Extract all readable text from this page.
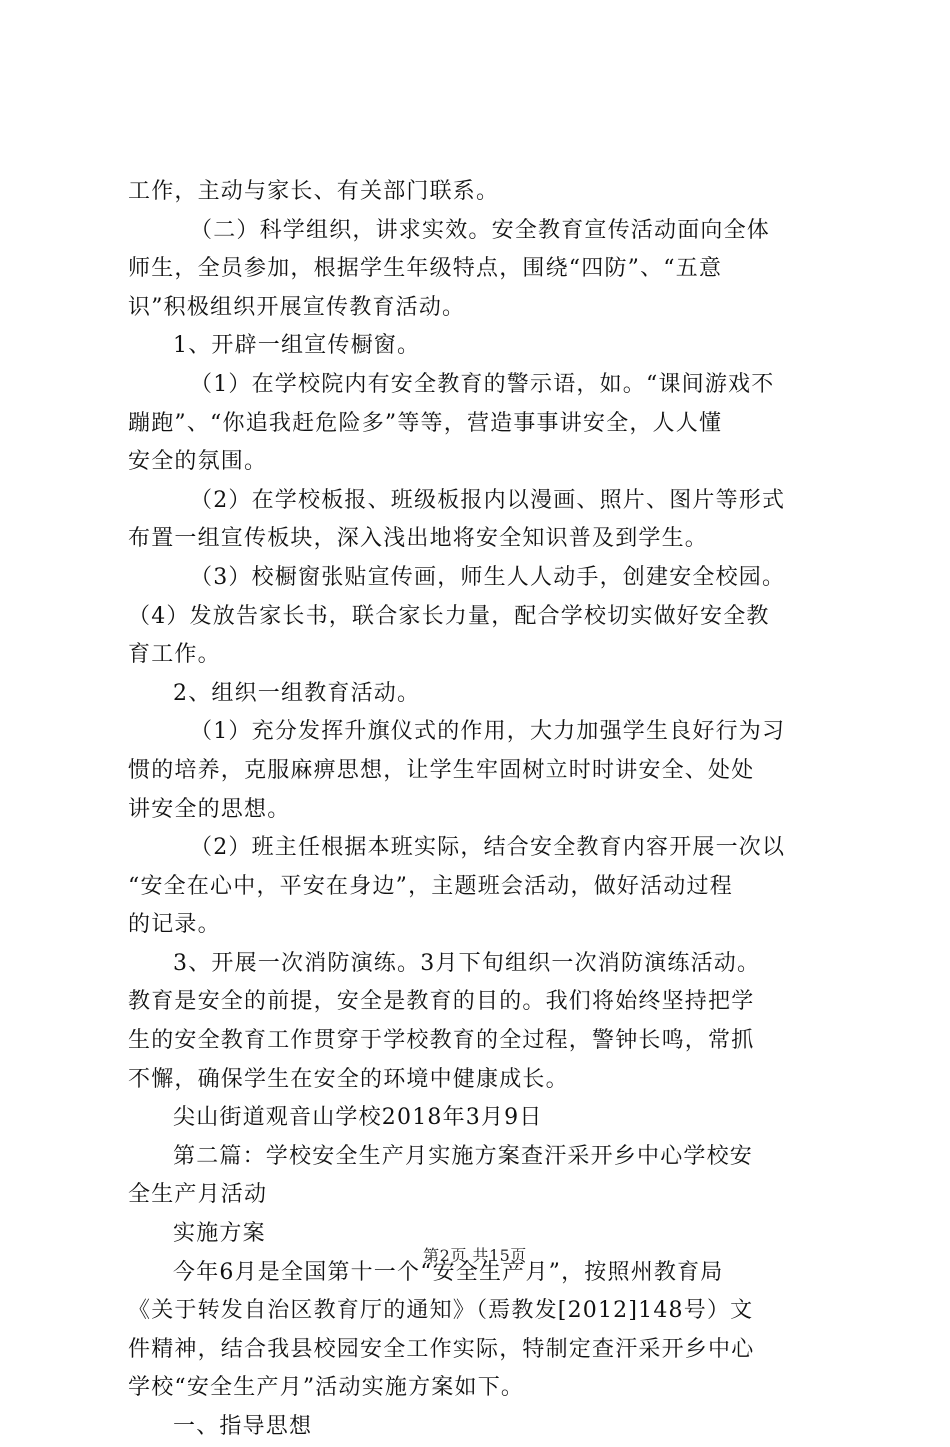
工作，主动与家长、有关部门联系。
（二）科学组织，讲求实效。安全教育宣传活动面向全体
师生，全员参加，根据学生年级特点，围绕“四防”、“五意
识”积极组织开展宣传教育活动。
1、开辟一组宣传橱窗。
（1）在学校院内有安全教育的警示语，如。“课间游戏不
蹦跑”、“你追我赶危险多”等等，营造事事讲安全，人人懂
安全的氛围。
（2）在学校板报、班级板报内以漫画、照片、图片等形式
布置一组宣传板块，深入浅出地将安全知识普及到学生。
（3）校橱窗张贴宣传画，师生人人动手，创建安全校园。
（4）发放告家长书，联合家长力量，配合学校切实做好安全教
育工作。
2、组织一组教育活动。
（1）充分发挥升旗仪式的作用，大力加强学生良好行为习
惯的培养，克服麻痹思想，让学生牢固树立时时讲安全、处处
讲安全的思想。
（2）班主任根据本班实际，结合安全教育内容开展一次以
“安全在心中，平安在身边”，主题班会活动，做好活动过程
的记录。
3、开展一次消防演练。3月下旬组织一次消防演练活动。
教育是安全的前提，安全是教育的目的。我们将始终坚持把学
生的安全教育工作贯穿于学校教育的全过程，警钟长鸣，常抓
不懈，确保学生在安全的环境中健康成长。
尖山街道观音山学校2018年3月9日
第二篇：学校安全生产月实施方案查汗采开乡中心学校安
全生产月活动
实施方案
今年6月是全国第十一个“安全生产月”，按照州教育局
《关于转发自治区教育厅的通知》（焉教发[2012]148号）文
件精神，结合我县校园安全工作实际，特制定查汗采开乡中心
学校“安全生产月”活动实施方案如下。
一、指导思想
第2页 共15页
